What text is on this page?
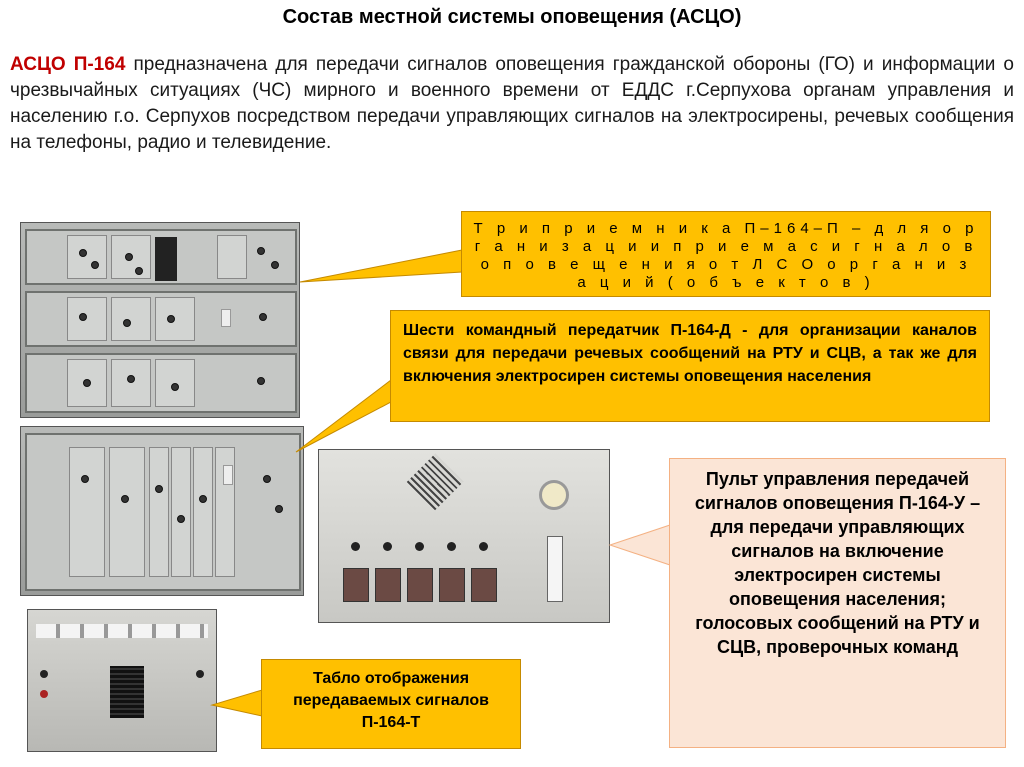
Состав местной системы оповещения (АСЦО)
АСЦО П-164 предназначена для передачи сигналов оповещения гражданской обороны (ГО) и информации о чрезвычайных ситуациях (ЧС) мирного и военного времени от ЕДДС г.Серпухова органам управления и населению г.о. Серпухов посредством передачи управляющих сигналов на электросирены, речевых сообщения на телефоны, радио и телевидение.
Т р и п р и е м н и к а П–164–П – д л я о р г а н и з а ц и и п р и е м а с и г н а л о в о п о в е щ е н и я о т Л С О о р г а н и з а ц и й ( о б ъ е к т о в )
Шести командный передатчик П-164-Д - для организации каналов связи для передачи речевых сообщений на РТУ и СЦВ, а так же для включения электросирен системы оповещения населения
Пульт управления передачей сигналов оповещения П-164-У – для передачи управляющих сигналов на включение электросирен системы оповещения населения; голосовых сообщений на РТУ и СЦВ, проверочных команд
Табло отображения передаваемых сигналов П-164-Т
